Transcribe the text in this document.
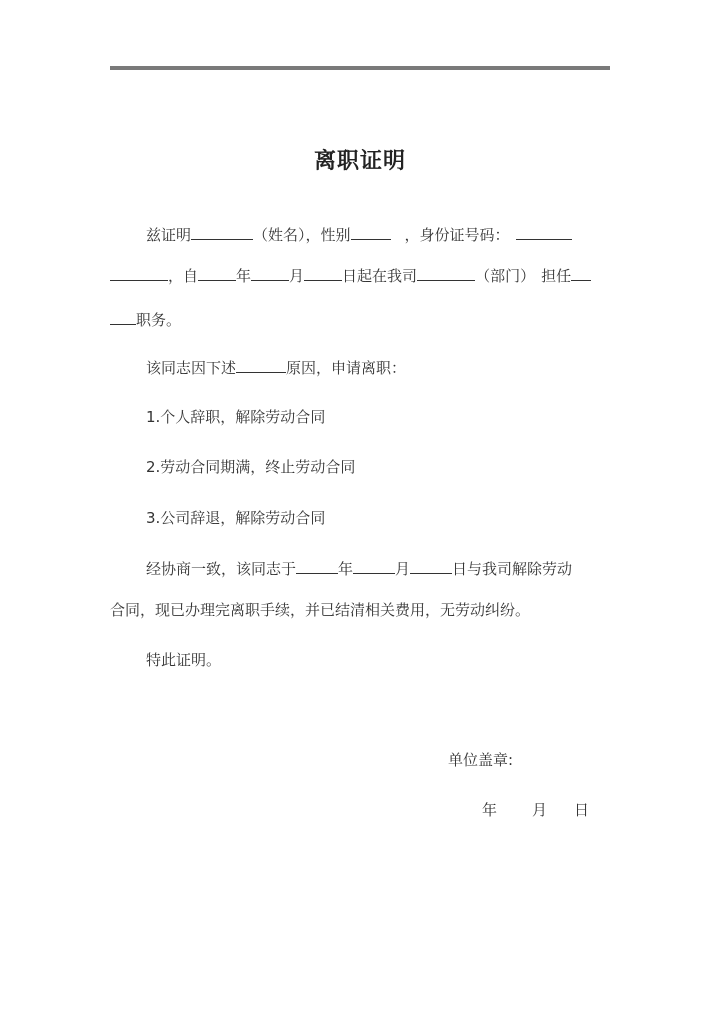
离职证明
兹证明	（姓名），性别	，身份证号码：
，自	年	月	日起在我司	（部门） 担任
职务。
该同志因下述	原因，申请离职：
1.个人辞职，解除劳动合同
2.劳动合同期满，终止劳动合同
3.公司辞退，解除劳动合同
经协商一致，该同志于	年	月	日与我司解除劳动
合同，现已办理完离职手续，并已结清相关费用，无劳动纠纷。
特此证明。
单位盖章:
年 月 日
